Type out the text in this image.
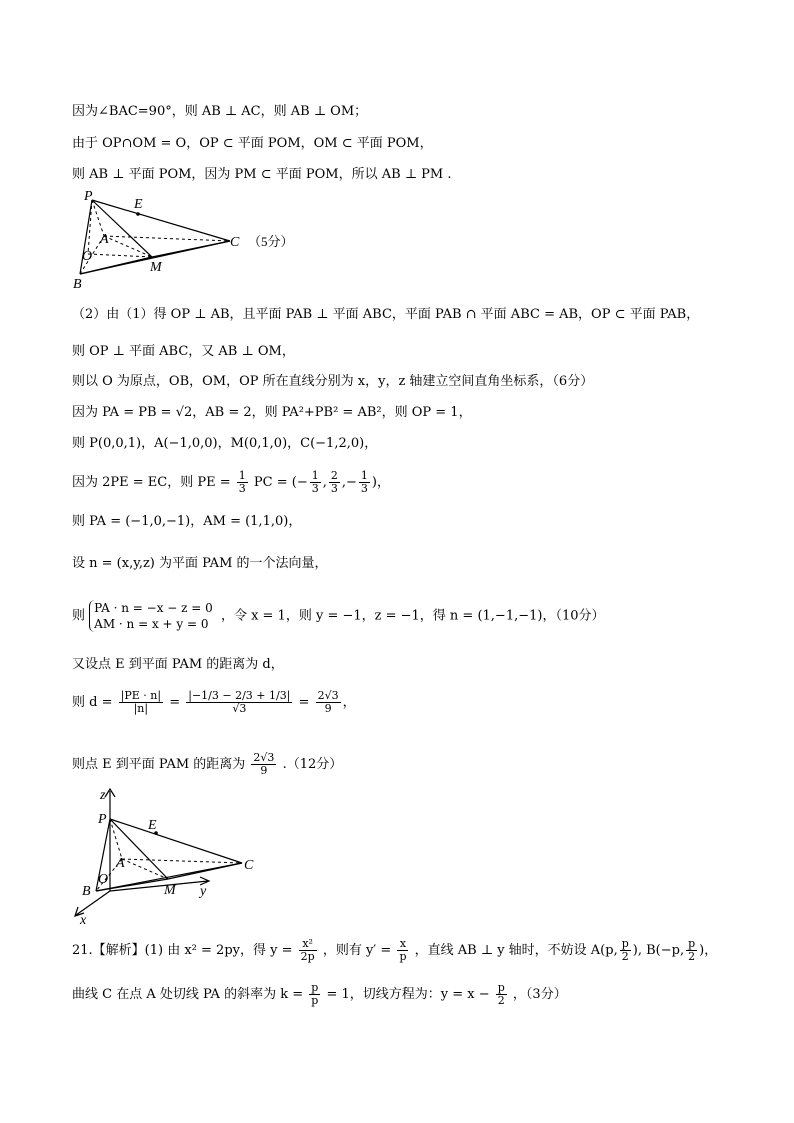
因为∠BAC=90°，则 AB ⊥ AC，则 AB ⊥ OM；
由于 OP∩OM = O，OP ⊂ 平面 POM，OM ⊂ 平面 POM，
则 AB ⊥ 平面 POM，因为 PM ⊂ 平面 POM，所以 AB ⊥ PM .
P
E
A
O
C
M
B
（5分）
（2）由（1）得 OP ⊥ AB，且平面 PAB ⊥ 平面 ABC，平面 PAB ∩ 平面 ABC = AB，OP ⊂ 平面 PAB，
则 OP ⊥ 平面 ABC，又 AB ⊥ OM，
则以 O 为原点，OB，OM，OP 所在直线分别为 x，y，z 轴建立空间直角坐标系，（6分）
因为 PA = PB = √2，AB = 2，则 PA²+PB² = AB²，则 OP = 1，
则 P(0,0,1)，A(−1,0,0)，M(0,1,0)，C(−1,2,0)，
因为 2PE = EC，则 PE = $\frac{1}{3}$ PC = (− $\frac{1}{3}$ , $\frac{2}{3}$ ,− $\frac{1}{3}$ )，
则 PA = (−1,0,−1)，AM = (1,1,0)，
设 n = (x,y,z) 为平面 PAM 的一个法向量，
则
PA · n = −x − z = 0
AM · n = x + y = 0
，令 x = 1，则 y = −1，z = −1，得 n = (1,−1,−1)，（10分）
又设点 E 到平面 PAM 的距离为 d，
则 $d = \frac{|PE \cdot n|}{|n|} = \frac{|-1/3 - 2/3 + 1/3|}{√3} = \frac{2√3}{9}$ ，
则点 E 到平面 PAM 的距离为 $\frac{2√3}{9} .(12$分）
z
P	E
A
O
C
M y
B
x
21.【解析】(1) 由 x² = 2py，得 $y = \frac{\text{x²}}{2p}$ ，则有 $y' = \frac{x}{p}$ ，直线 AB ⊥ y 轴时，不妨设 A(p, $\frac{p}{2}$ ), B(−p, $\frac{p}{2}$ )，
曲线 C 在点 A 处切线 PA 的斜率为 $k = \frac{p}{p} = 1$，切线方程为：$y = x - \frac{p}{2}$ ，（3分）
